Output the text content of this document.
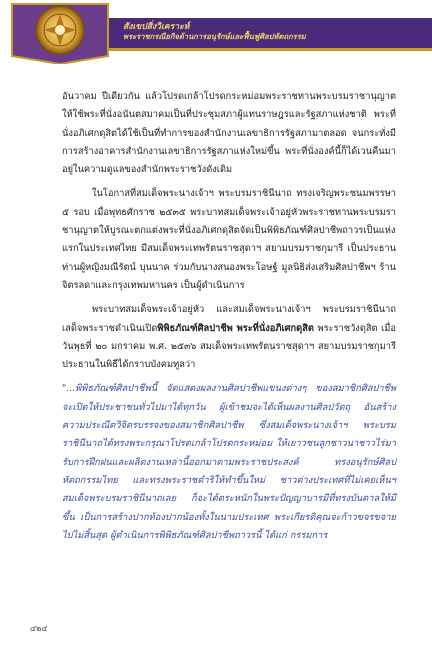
สังเขปสิ่งวิเคราะห์
พระราชกรณียกิจด้านการอนุรักษ์และฟื้นฟูศิลปหัตถกรรม

อันวาคม ปีเดียวกัน แล้วโปรดเกล้าโปรดกระหม่อมพระราชทานพระบรมราชานุญาตให้ใช้พระที่นั่งอนันตสมาคมเป็นที่ประชุมสภาผู้แทนราษฎรและรัฐสภาแห่งชาติ พระที่นั่งอภิเศกดุสิตได้ใช้เป็นที่ทำการของสำนักงานเลขาธิการรัฐสภามาตลอด จนกระทั่งมีการสร้างอาคารสำนักงานเลขาธิการรัฐสภาแห่งใหม่ขึ้น พระที่นั่งองค์นี้ก็ได้เวนคืนมาอยู่ในความดูแลของสำนักพระราชวังดังเดิม

ในโอกาสที่สมเด็จพระนางเจ้าฯ พระบรมราชินีนาถ ทรงเจริญพระชนมพรรษา ๕ รอบ เมื่อพุทธศักราช ๒๕๓๕ พระบาทสมเด็จพระเจ้าอยู่หัวพระราชทานพระบรมราชานุญาตให้บูรณะตกแต่งพระที่นั่งอภิเศกดุสิตจัดเป็นพิพิธภัณฑ์ศิลปาชีพถาวรเป็นแห่งแรกในประเทศไทย มีสมเด็จพระเทพรัตนราชสุดาฯ สยามบรมราชกุมารี เป็นประธาน ท่านผู้หญิงมณีรัตน์ บุนนาค ร่วมกับนางสนองพระโอษฐ์ มูลนิธิส่งเสริมศิลปาชีพฯ ร้านจิตรลดาและกรุงเทพมหานคร เป็นผู้ดำเนินการ

พระบาทสมเด็จพระเจ้าอยู่หัว และสมเด็จพระนางเจ้าฯ พระบรมราชินีนาถเสด็จพระราชดำเนินเปิดพิพิธภัณฑ์ศิลปาชีพ พระที่นั่งอภิเศกดุสิต พระราชวังดุสิต เมื่อวันพุธที่ ๒๐ มกราคม พ.ศ. ๒๕๓๖ สมเด็จพระเทพรัตนราชสุดาฯ สยามบรมราชกุมารี ประธานในพิธีได้กราบบังคมทูลว่า

"...พิพิธภัณฑ์ศิลปาชีพนี้ จัดแสดงผลงานศิลปาชีพแขนงต่างๆ ของสมาชิกศิลปาชีพ จะเปิดให้ประชาชนทั่วไปมาได้ทุกวัน ผู้เข้าชมจะได้เห็นผลงานศิลปวัตถุ อันสร้างความประณีตวิจิตรบรรจงของสมาชิกศิลปาชีพ ซึ่งสมเด็จพระนางเจ้าฯ พระบรมราชินีนาถได้ทรงพระกรุณาโปรดเกล้าโปรดกระหม่อม ให้เยาวชนลูกชาวนาชาวไร่มารับการฝึกฝนและผลิตงานเหล่านี้ออกมาตามพระราชประสงค์ ทรงอนุรักษ์ศิลปหัตถกรรมไทย และทรงพระราชดำริให้ทำขึ้นใหม่ ชาวต่างประเทศที่ไม่เคยเห็นฯ สมเด็จพระบรมราชินีนาถเลย ก็จะได้ตระหนักในพระปัญญาบารมีที่ทรงบันดาลให้มีขึ้น เป็นการสร้างปากท้องปากน้องทั้งในนามประเทศ พระเกียรติคุณจะก้าวขจรขจายไปไม่สิ้นสุด ผู้ดำเนินการพิพิธภัณฑ์ศิลปาชีพถาวรนี้ ได้แก่ กรรมการ
๔๒๔
